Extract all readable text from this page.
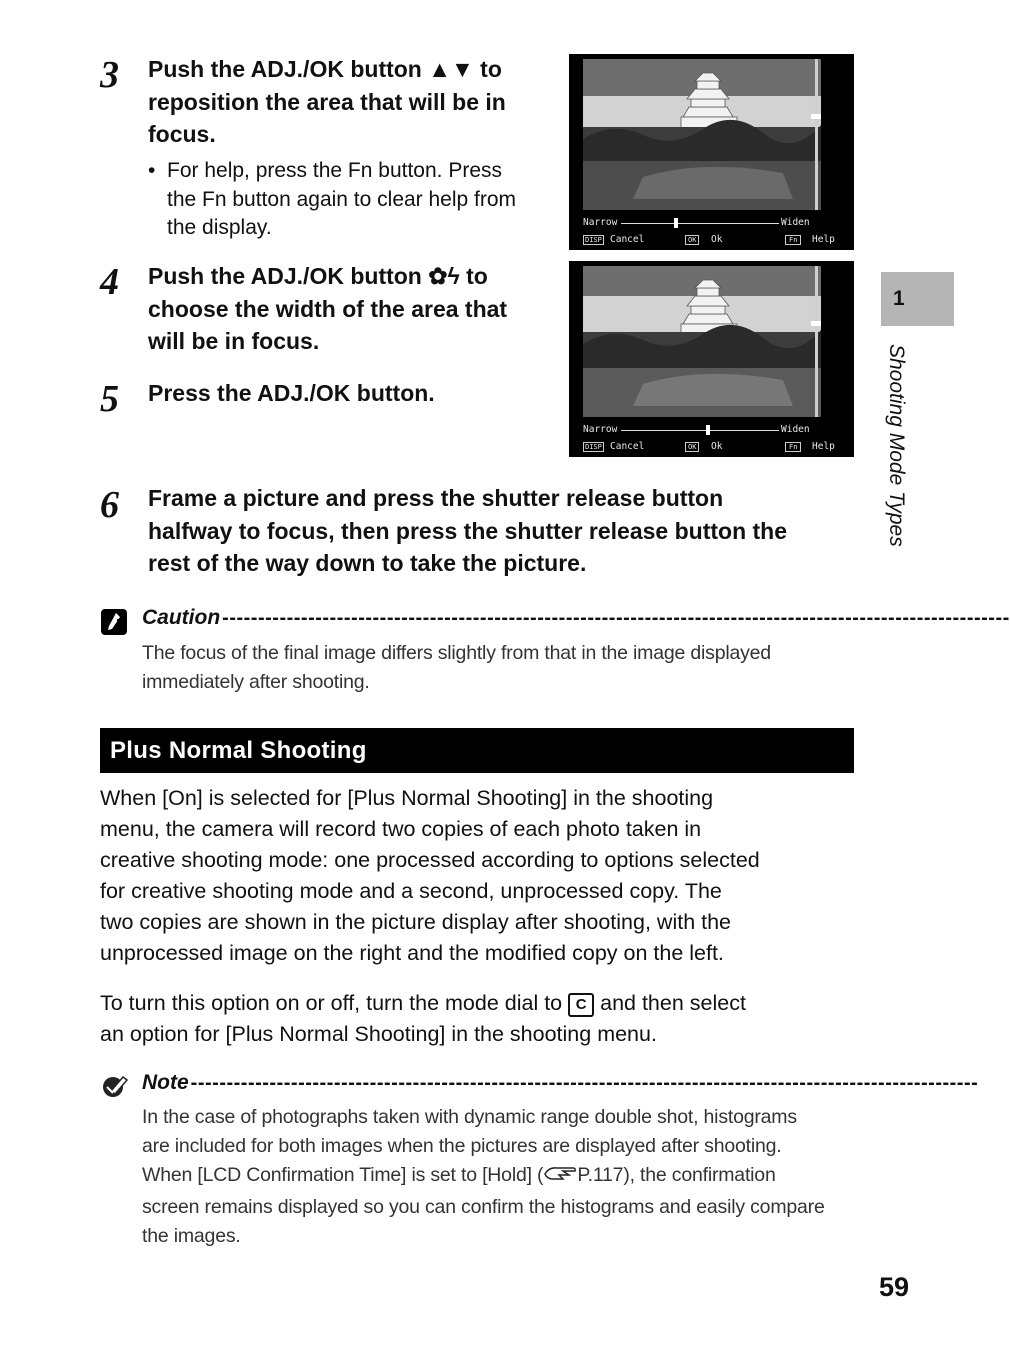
3 Push the ADJ./OK button ▲▼ to
reposition the area that will be in
focus.
• For help, press the Fn button. Press
the Fn button again to clear help from
the display.
4 Push the ADJ./OK button ✿ϟ to
choose the width of the area that
will be in focus.
5 Press the ADJ./OK button.
Narrow	Widen
DISP Cancel	OK	Ok	Fn	Help
Narrow	Widen
DISP Cancel	OK	Ok	Fn	Help
6 Frame a picture and press the shutter release button
halfway to focus, then press the shutter release button the
rest of the way down to take the picture.
Caution --------------------------------------------------------------------------------------------------------------
The focus of the final image differs slightly from that in the image displayed
immediately after shooting.
Plus Normal Shooting
When [On] is selected for [Plus Normal Shooting] in the shooting
menu, the camera will record two copies of each photo taken in
creative shooting mode: one processed according to options selected
for creative shooting mode and a second, unprocessed copy. The
two copies are shown in the picture display after shooting, with the
unprocessed image on the right and the modified copy on the left.
To turn this option on or off, turn the mode dial to C and then select
an option for [Plus Normal Shooting] in the shooting menu.
Note --------------------------------------------------------------------------------------------------------------
In the case of photographs taken with dynamic range double shot, histograms
are included for both images when the pictures are displayed after shooting.
When [LCD Confirmation Time] is set to [Hold] ( P.117), the confirmation
screen remains displayed so you can confirm the histograms and easily compare
the images.
1
Shooting Mode Types
59
